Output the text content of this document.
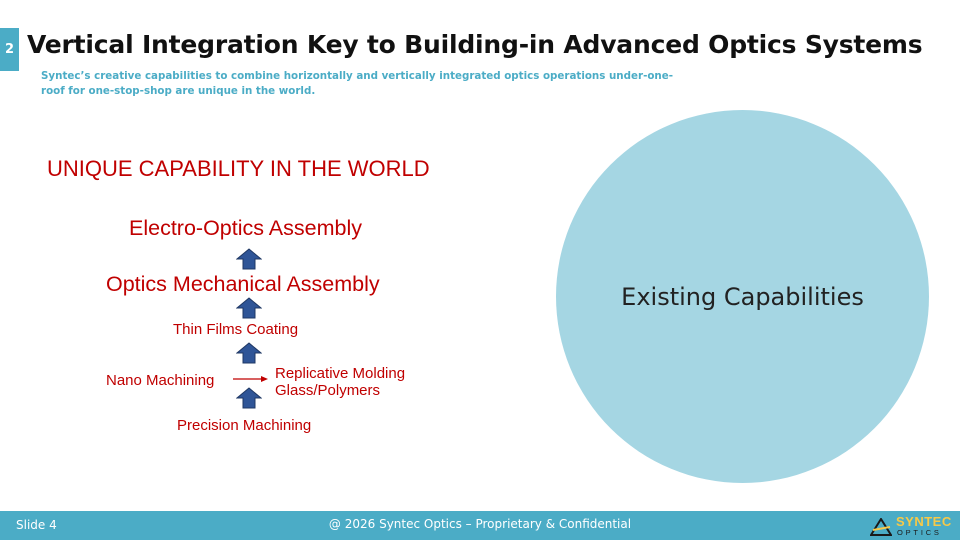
2 Vertical Integration Key to Building-in Advanced Optics Systems

Syntec’s creative capabilities to combine horizontally and vertically integrated optics operations under-one-roof for one-stop-shop are unique in the world.

UNIQUE CAPABILITY IN THE WORLD
Electro-Optics Assembly
Optics Mechanical Assembly
Thin Films Coating
Nano Machining	Replicative Molding
Glass/Polymers
Precision Machining
Existing Capabilities
Slide 4	@ 2026 Syntec Optics – Proprietary & Confidential	SYNTEC
OPTICS
